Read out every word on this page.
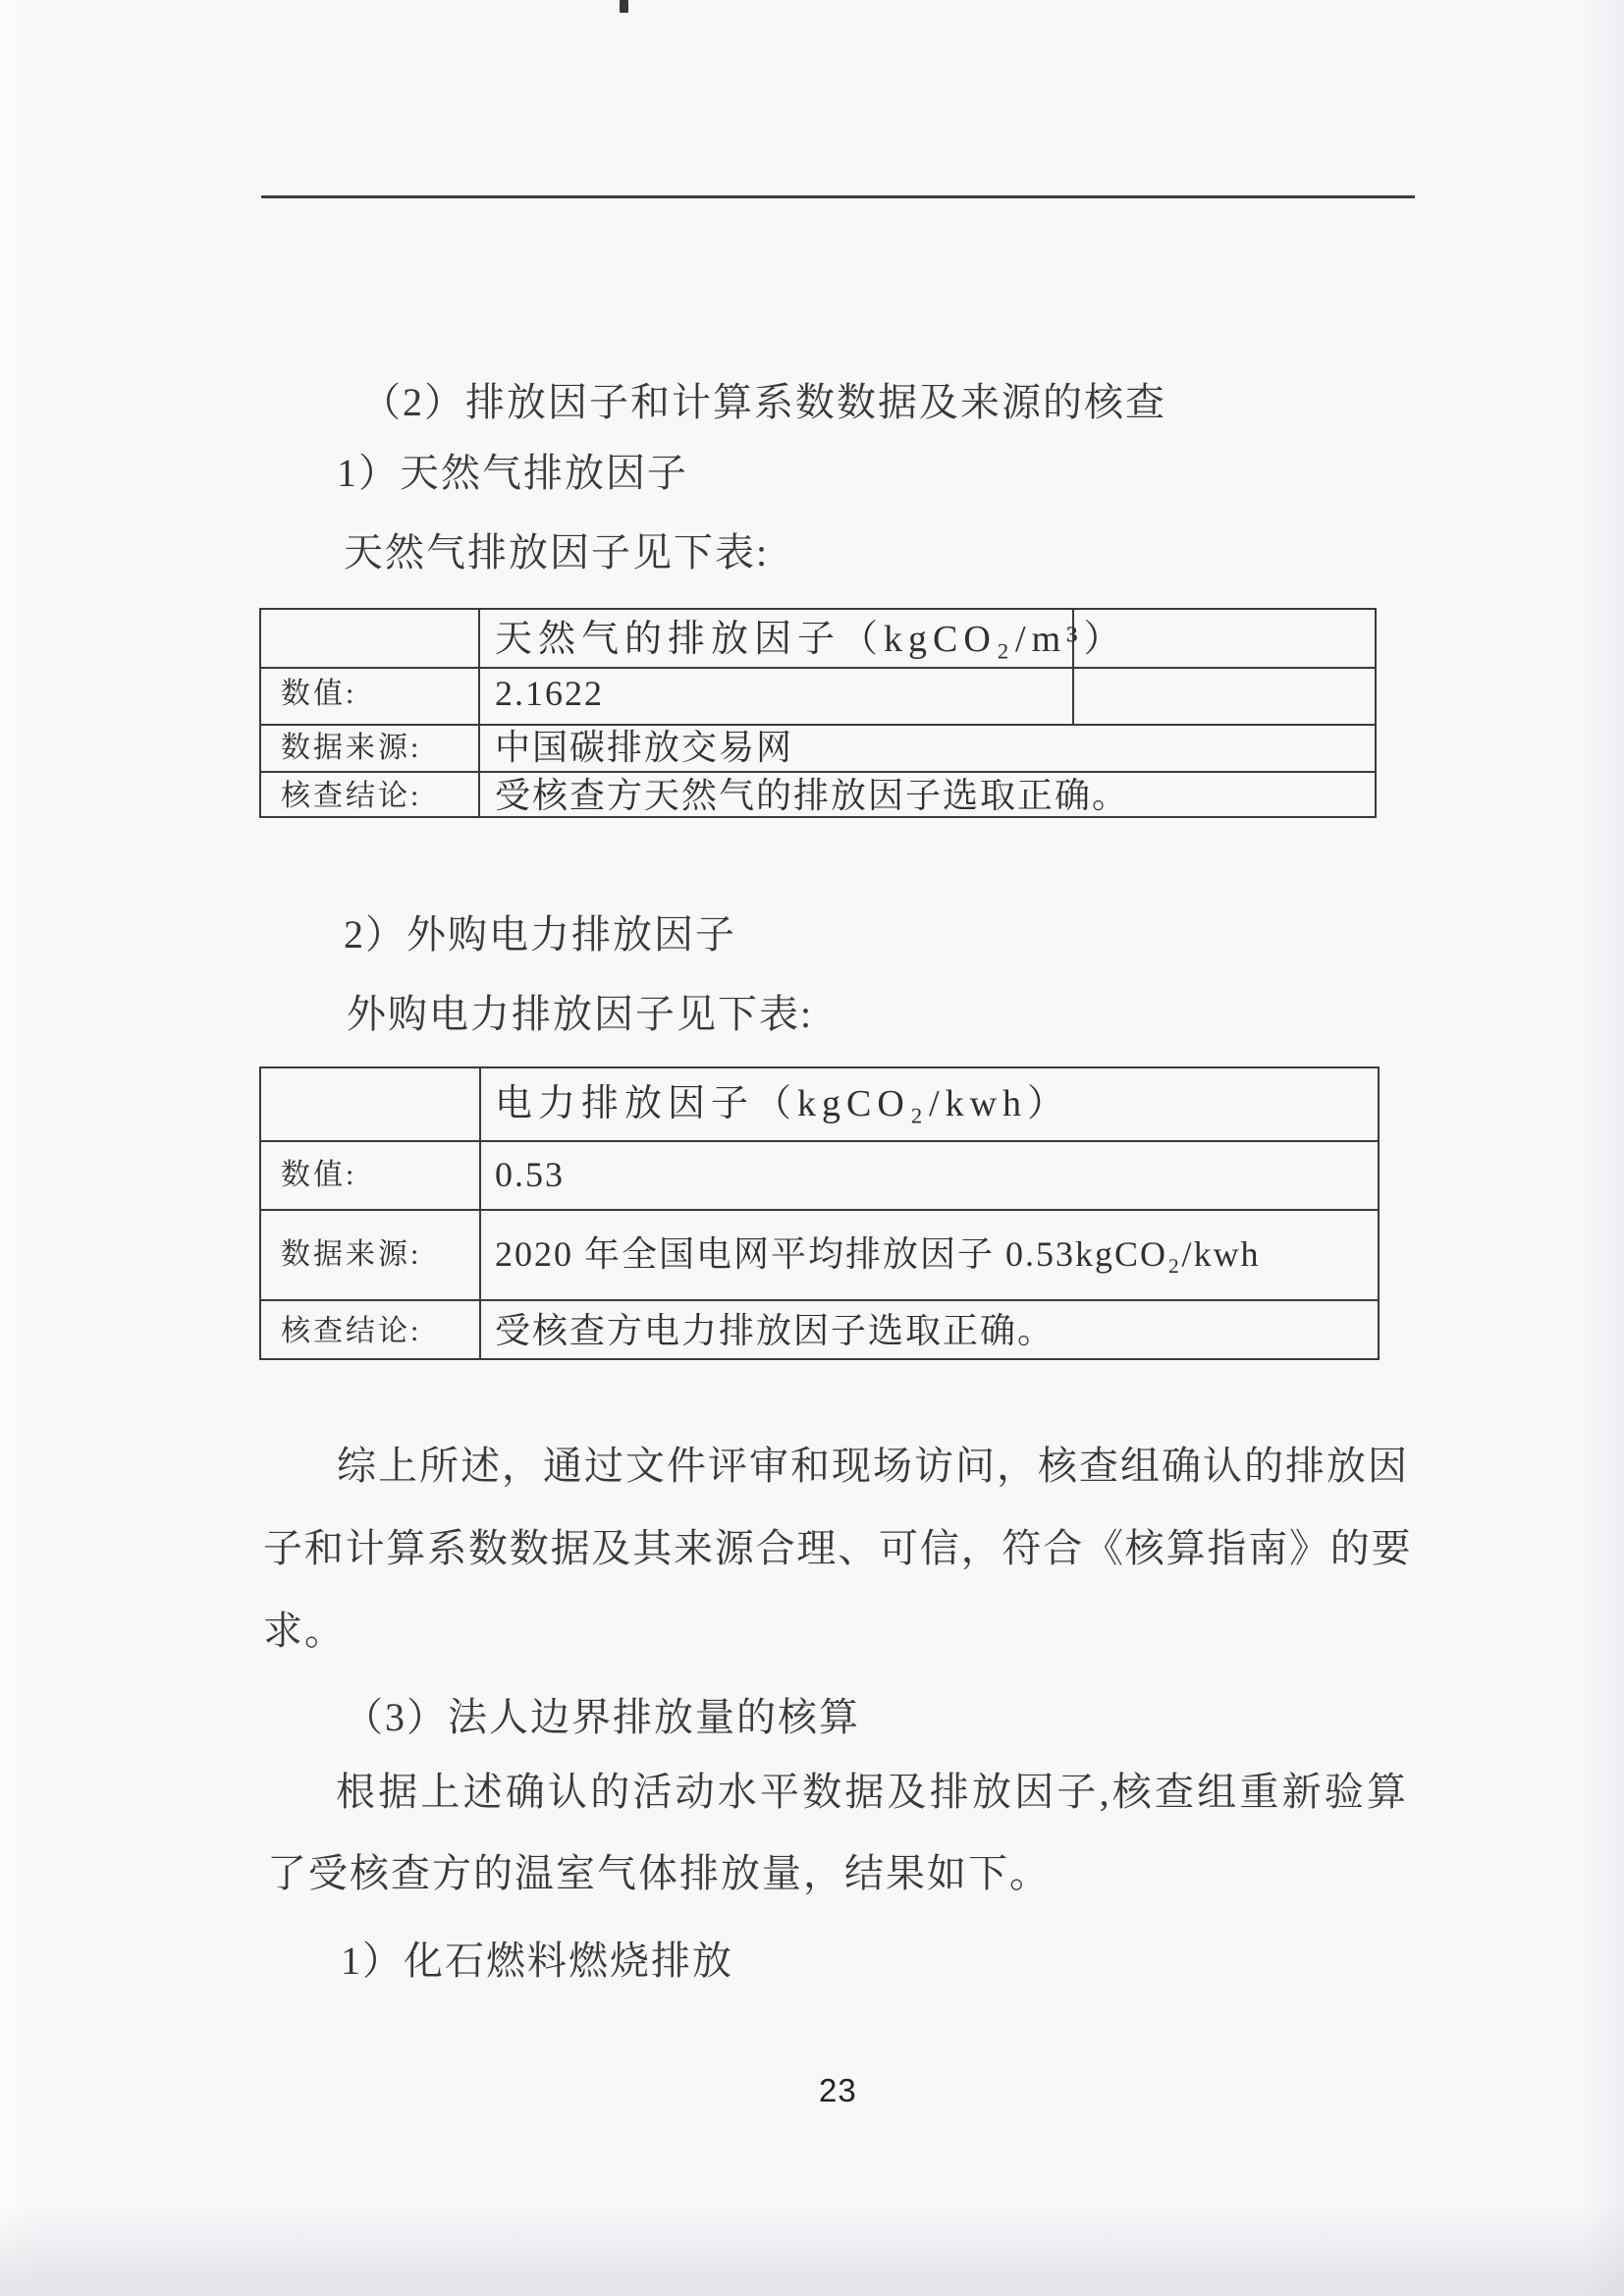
（2）排放因子和计算系数数据及来源的核查
1）天然气排放因子
天然气排放因子见下表:
天然气的排放因子（kgCO₂/m³）
数值:	2.1622
数据来源: 中国碳排放交易网
核查结论: 受核查方天然气的排放因子选取正确。
2）外购电力排放因子
外购电力排放因子见下表:
电力排放因子（kgCO₂/kwh）
数值:	0.53
数据来源: 2020 年全国电网平均排放因子 0.53kgCO₂/kwh
核查结论: 受核查方电力排放因子选取正确。
综上所述，通过文件评审和现场访问，核查组确认的排放因
子和计算系数数据及其来源合理、可信，符合《核算指南》的要
求。
（3）法人边界排放量的核算
根据上述确认的活动水平数据及排放因子,核查组重新验算
了受核查方的温室气体排放量，结果如下。
1）化石燃料燃烧排放
23
